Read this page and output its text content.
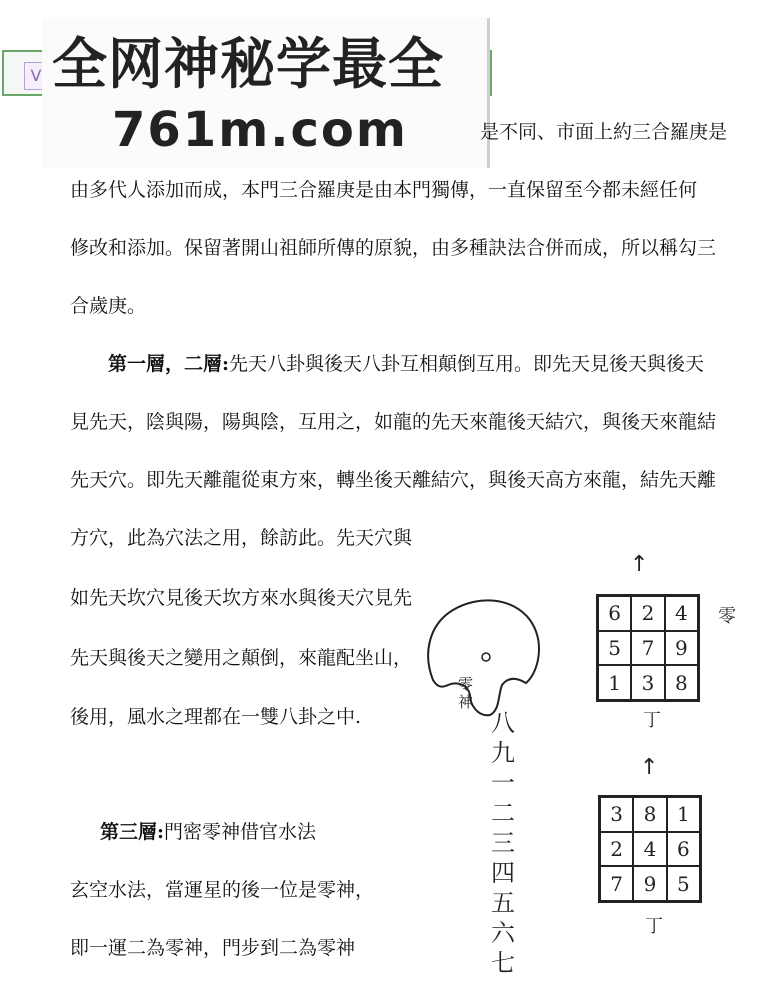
V 全网神秘学最全
761m.com	是不同、市面上約三合羅庚是
由多代人添加而成，本門三合羅庚是由本門獨傳，一直保留至今都未經任何
修改和添加。保留著開山祖師所傳的原貌，由多種訣法合併而成，所以稱勾三
合歲庚。
第一層，二層:先天八卦與後天八卦互相顛倒互用。即先天見後天與後天
見先天，陰與陽，陽與陰，互用之，如龍的先天來龍後天結穴，與後天來龍結
先天穴。即先天離龍從東方來，轉坐後天離結穴，與後天高方來龍，結先天離
方穴，此為穴法之用，餘訪此。先天穴與
如先天坎穴見後天坎方來水與後天穴見先
先天與後天之變用之顛倒，來龍配坐山，
後用，風水之理都在一雙八卦之中.
第三層:門密零神借官水法
玄空水法，當運星的後一位是零神，
即一運二為零神，門步到二為零神
零神
↑
6	2	4
5	7	9
1	3	8
零
丁
↑
八
九
一
二
三
四
五
六
七
3	8	1
2	4	6
7	9	5
丁
